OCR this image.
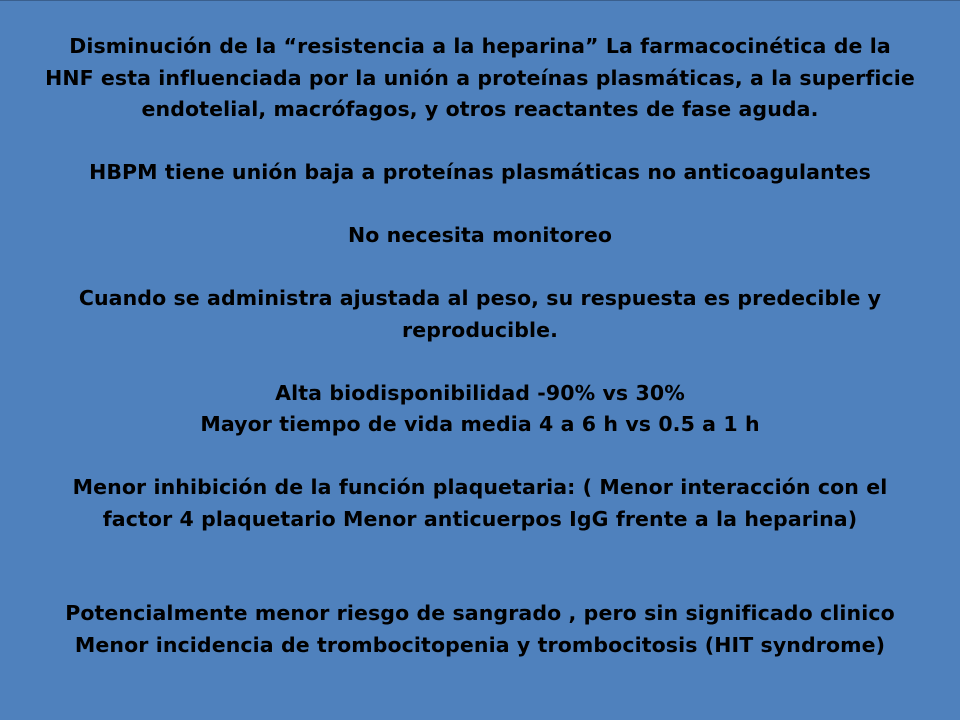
Disminución de la “resistencia a la heparina” La farmacocinética de la
HNF esta influenciada por la unión a proteínas plasmáticas, a la superficie
endotelial, macrófagos, y otros reactantes de fase aguda.
HBPM tiene unión baja a proteínas plasmáticas no anticoagulantes
No necesita monitoreo
Cuando se administra ajustada al peso, su respuesta es predecible y
reproducible.
Alta biodisponibilidad -90% vs 30%
Mayor tiempo de vida media 4 a 6 h vs 0.5 a 1 h
Menor inhibición de la función plaquetaria: ( Menor interacción con el
factor 4 plaquetario Menor anticuerpos IgG frente a la heparina)
Potencialmente menor riesgo de sangrado , pero sin significado clinico
Menor incidencia de trombocitopenia y trombocitosis (HIT syndrome)
